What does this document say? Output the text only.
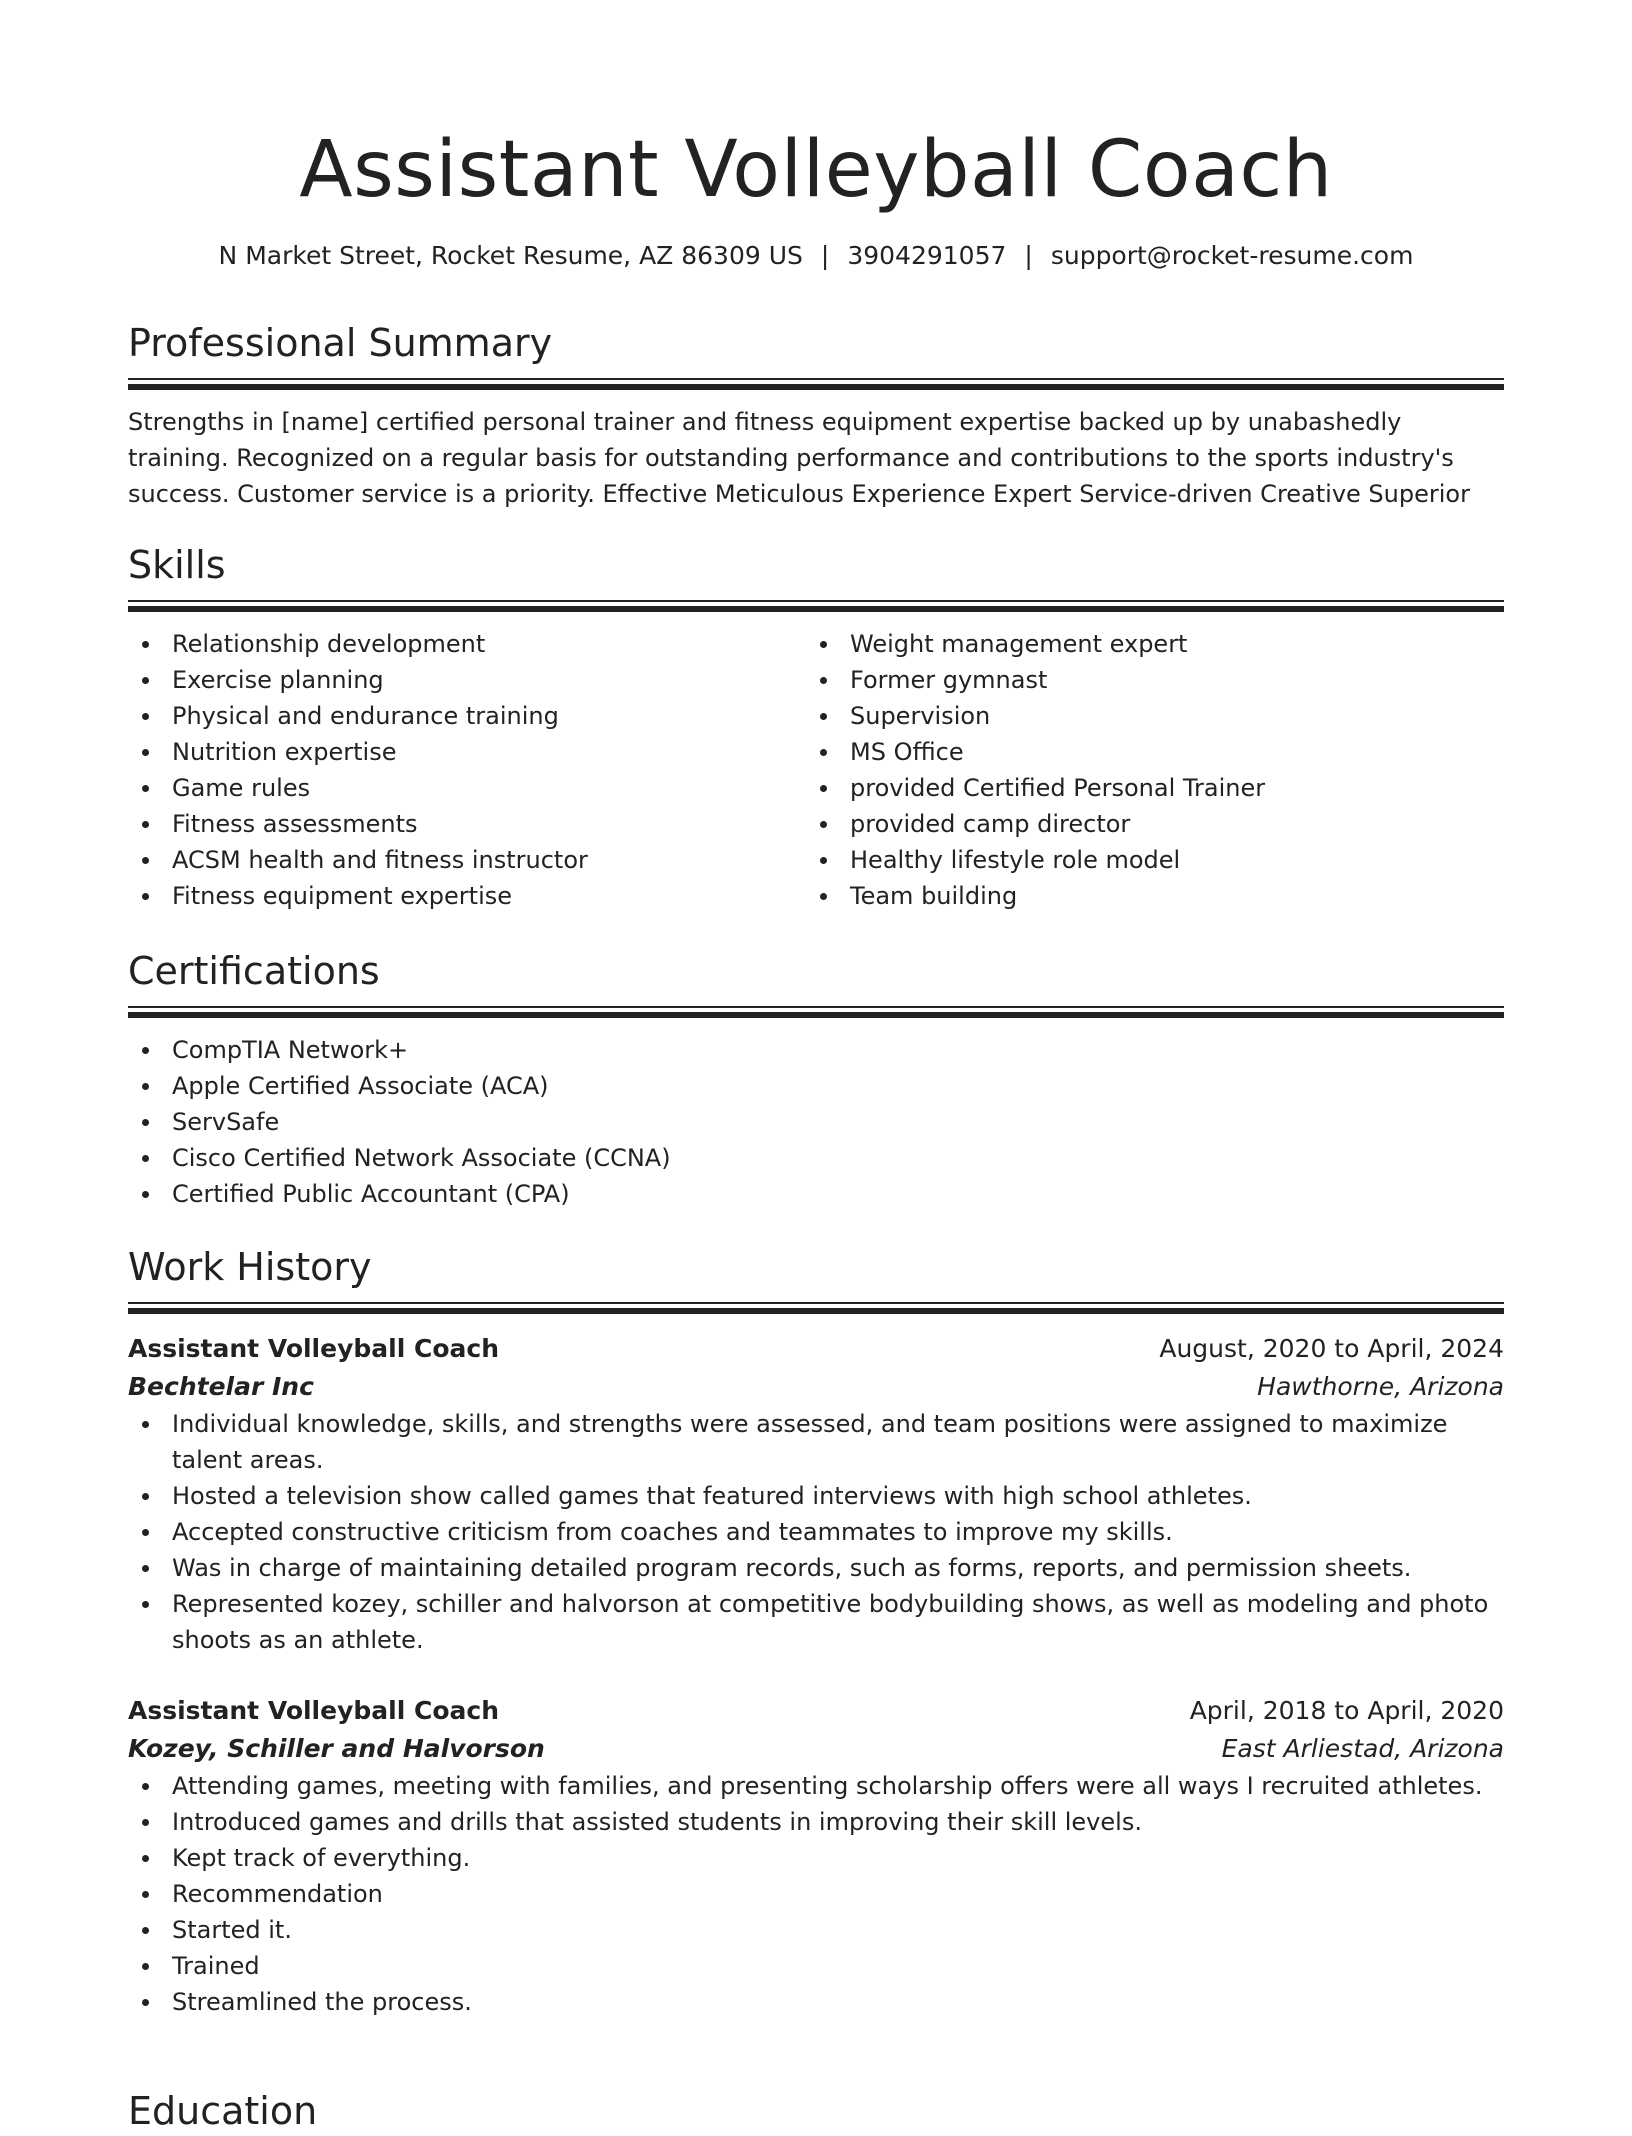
Assistant Volleyball Coach
N Market Street, Rocket Resume, AZ 86309 US | 3904291057 | support@rocket-resume.com
Professional Summary

Strengths in [name] certified personal trainer and fitness equipment expertise backed up by unabashedly training. Recognized on a regular basis for outstanding performance and contributions to the sports industry's success. Customer service is a priority. Effective Meticulous Experience Expert Service-driven Creative Superior

Skills
Relationship development
Exercise planning
Physical and endurance training
Nutrition expertise
Game rules
Fitness assessments
ACSM health and fitness instructor
Fitness equipment expertise
Weight management expert
Former gymnast
Supervision
MS Office
provided Certified Personal Trainer
provided camp director
Healthy lifestyle role model
Team building
Certifications
CompTIA Network+
Apple Certified Associate (ACA)
ServSafe
Cisco Certified Network Associate (CCNA)
Certified Public Accountant (CPA)
Work History
Assistant Volleyball Coach	August, 2020 to April, 2024
Bechtelar Inc	Hawthorne, Arizona
Individual knowledge, skills, and strengths were assessed, and team positions were assigned to maximize talent areas.
Hosted a television show called games that featured interviews with high school athletes.
Accepted constructive criticism from coaches and teammates to improve my skills.
Was in charge of maintaining detailed program records, such as forms, reports, and permission sheets.
Represented kozey, schiller and halvorson at competitive bodybuilding shows, as well as modeling and photo shoots as an athlete.
Assistant Volleyball Coach	April, 2018 to April, 2020
Kozey, Schiller and Halvorson	East Arliestad, Arizona
Attending games, meeting with families, and presenting scholarship offers were all ways I recruited athletes.
Introduced games and drills that assisted students in improving their skill levels.
Kept track of everything.
Recommendation
Started it.
Trained
Streamlined the process.
Education
